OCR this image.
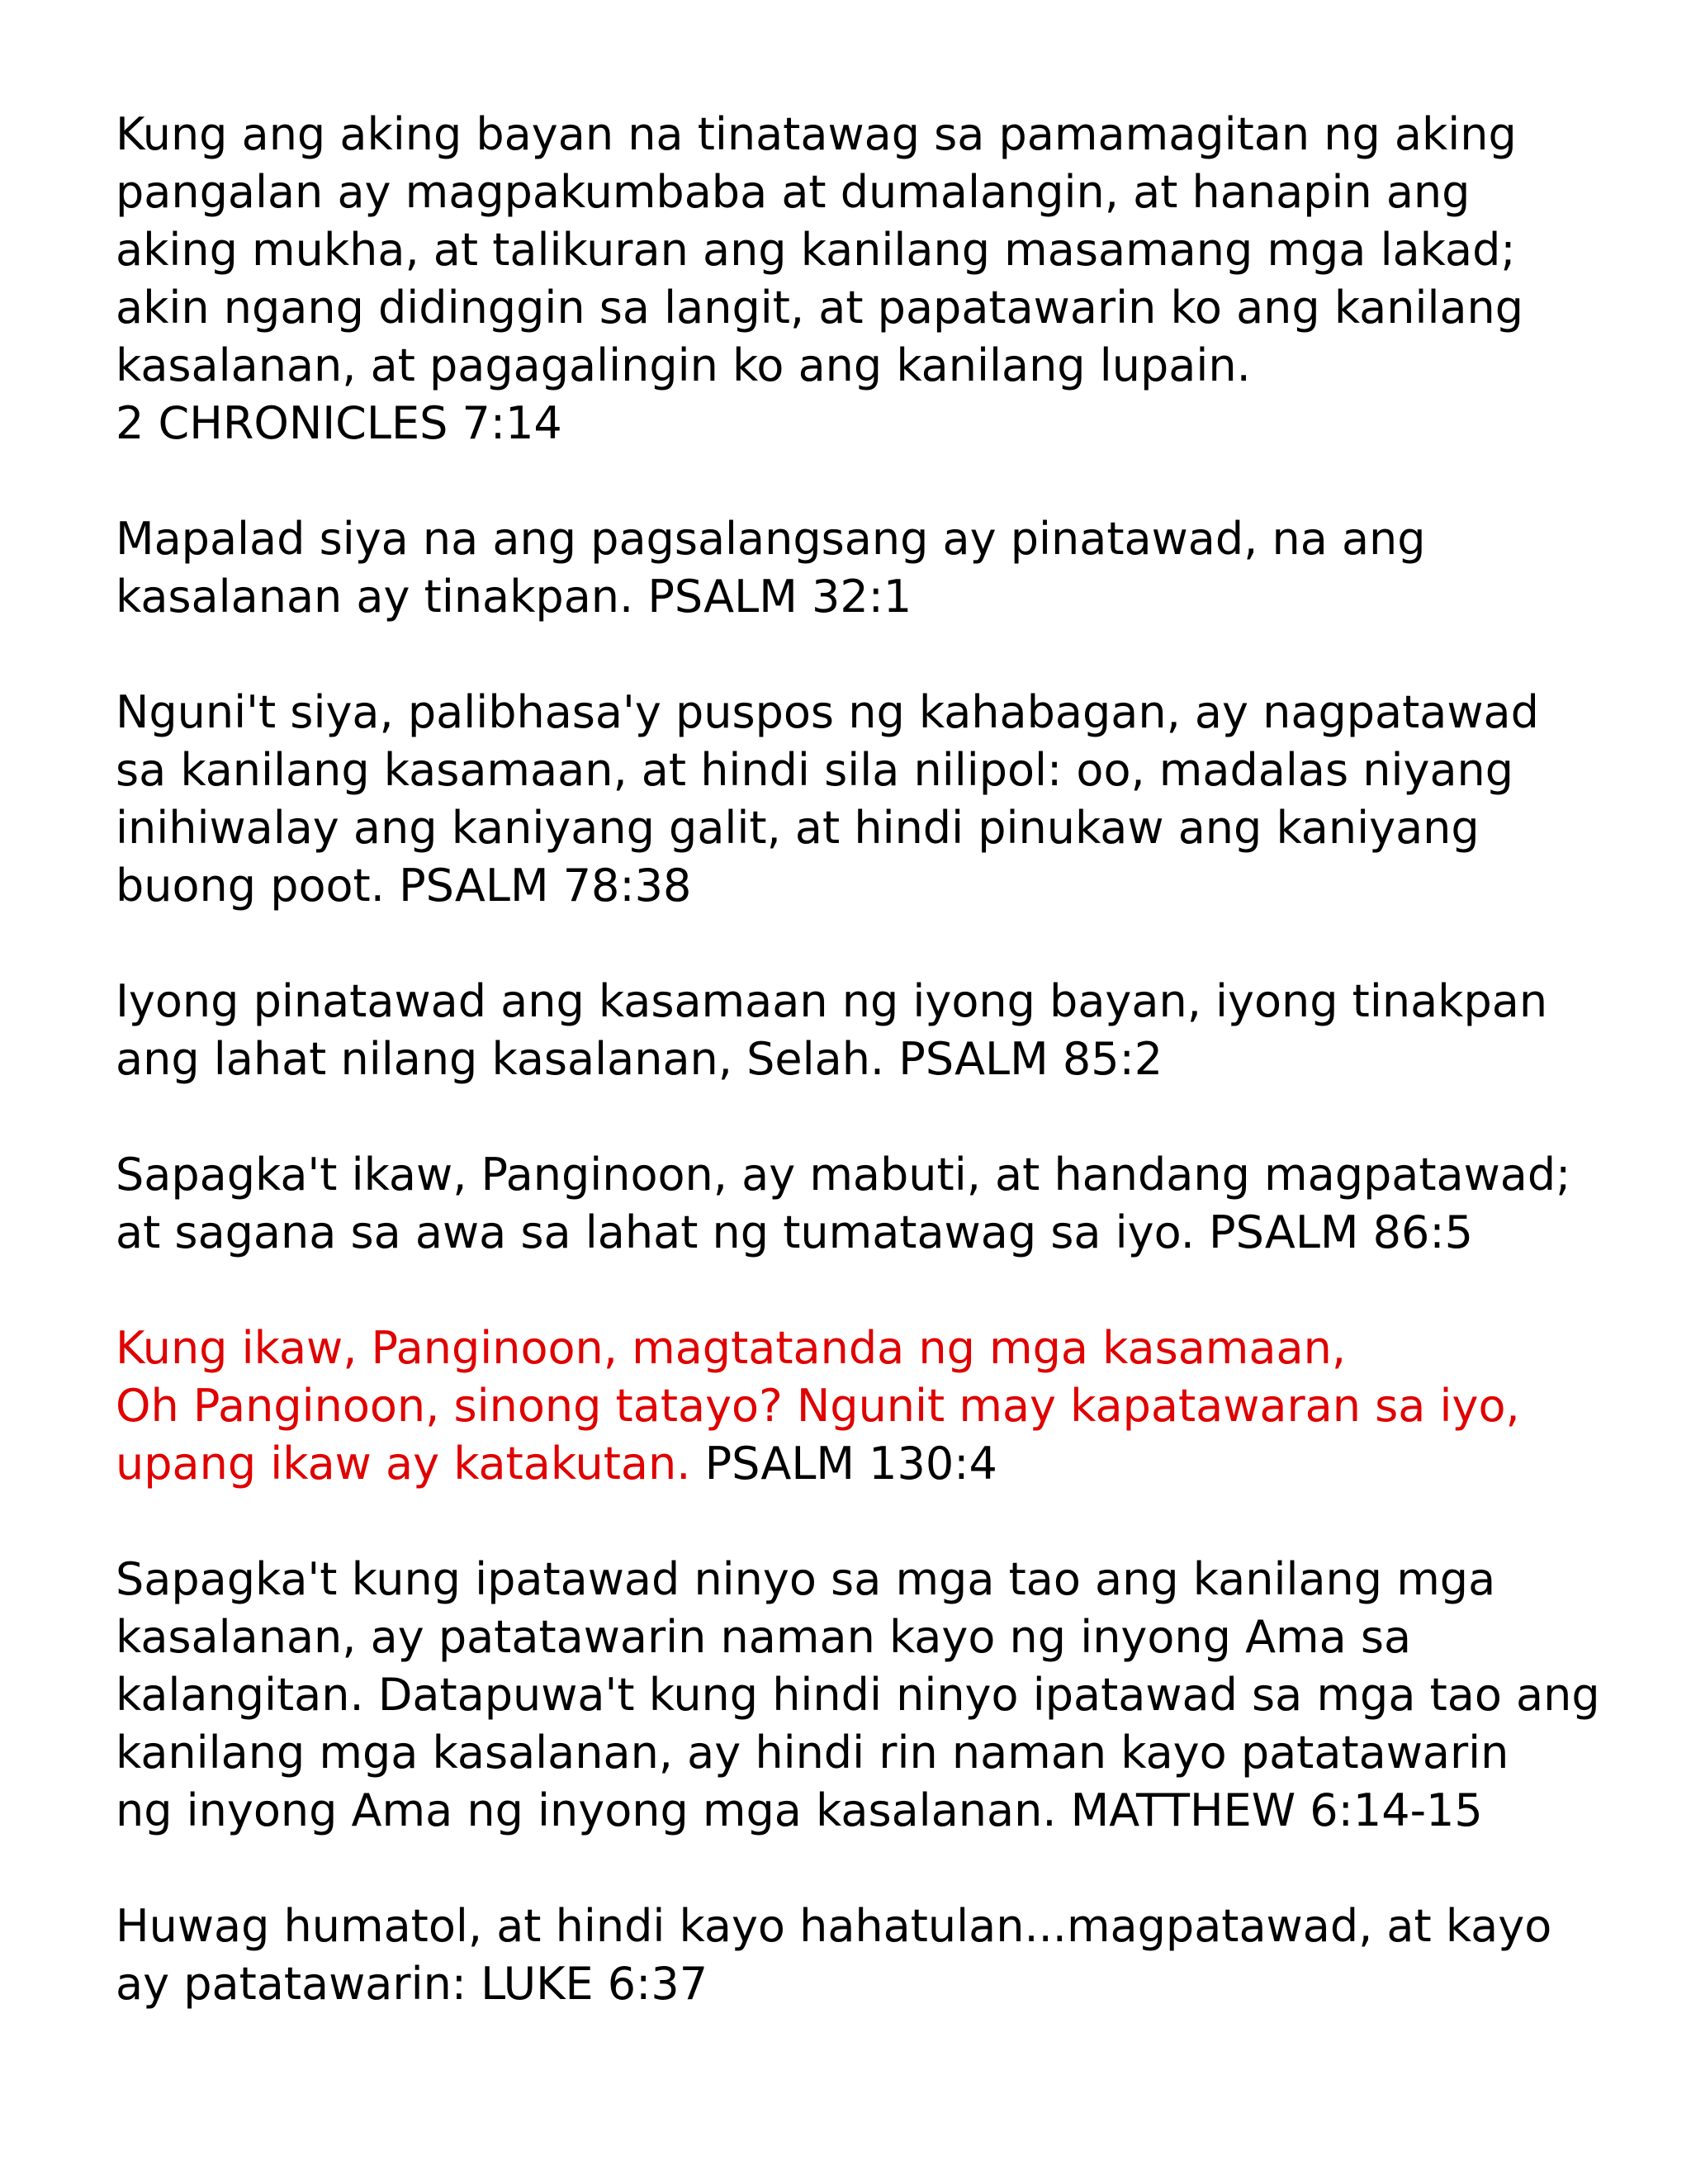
Kung ang aking bayan na tinatawag sa pamamagitan ng aking
pangalan ay magpakumbaba at dumalangin, at hanapin ang
aking mukha, at talikuran ang kanilang masamang mga lakad;
akin ngang didinggin sa langit, at papatawarin ko ang kanilang
kasalanan, at pagagalingin ko ang kanilang lupain.
2 CHRONICLES 7:14
Mapalad siya na ang pagsalangsang ay pinatawad, na ang
kasalanan ay tinakpan. PSALM 32:1
Nguni't siya, palibhasa'y puspos ng kahabagan, ay nagpatawad
sa kanilang kasamaan, at hindi sila nilipol: oo, madalas niyang
inihiwalay ang kaniyang galit, at hindi pinukaw ang kaniyang
buong poot. PSALM 78:38
Iyong pinatawad ang kasamaan ng iyong bayan, iyong tinakpan
ang lahat nilang kasalanan, Selah. PSALM 85:2
Sapagka't ikaw, Panginoon, ay mabuti, at handang magpatawad;
at sagana sa awa sa lahat ng tumatawag sa iyo. PSALM 86:5
Kung ikaw, Panginoon, magtatanda ng mga kasamaan,
Oh Panginoon, sinong tatayo? Ngunit may kapatawaran sa iyo,
upang ikaw ay katakutan. PSALM 130:4
Sapagka't kung ipatawad ninyo sa mga tao ang kanilang mga
kasalanan, ay patatawarin naman kayo ng inyong Ama sa
kalangitan. Datapuwa't kung hindi ninyo ipatawad sa mga tao ang
kanilang mga kasalanan, ay hindi rin naman kayo patatawarin
ng inyong Ama ng inyong mga kasalanan. MATTHEW 6:14-15
Huwag humatol, at hindi kayo hahatulan...magpatawad, at kayo
ay patatawarin: LUKE 6:37
